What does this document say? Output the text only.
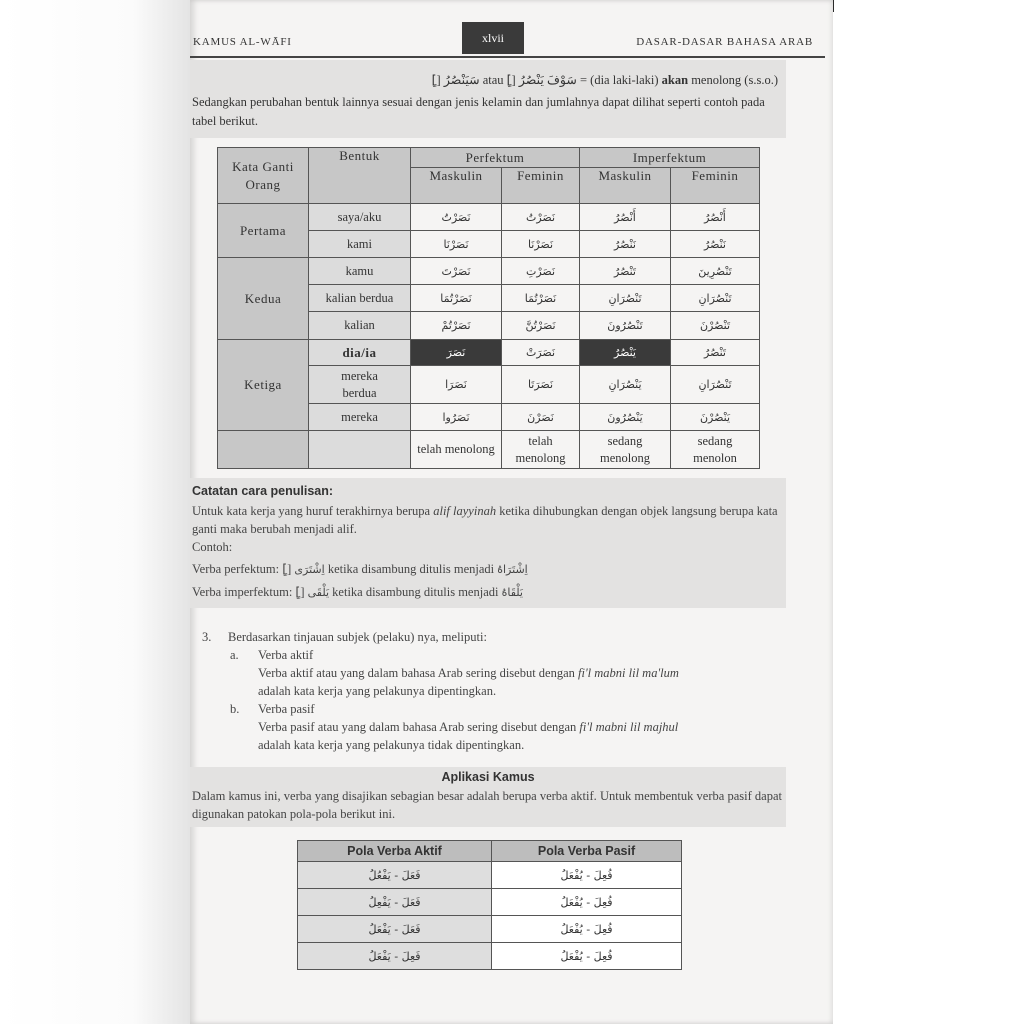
KAMUS AL-WĀFI	xlvii	DASAR-DASAR BAHASA ARAB
[ٍ] سَيَنْصُرُ atau [ٍ] سَوْفَ يَنْصُرُ = (dia laki-laki) akan menolong (s.s.o.)
Sedangkan perubahan bentuk lainnya sesuai dengan jenis kelamin dan jumlahnya dapat dilihat seperti contoh pada tabel berikut.
Kata Ganti Orang	Bentuk	Perfektum		Imperfektum	
		Maskulin	Feminin	Maskulin	Feminin
Pertama	saya/aku	نَصَرْتُ	نَصَرْتُ	أَنْصُرُ	أَنْصُرُ
	kami	نَصَرْنَا	نَصَرْنَا	نَنْصُرُ	نَنْصُرُ
Kedua	kamu	نَصَرْتَ	نَصَرْتِ	تَنْصُرُ	تَنْصُرِينَ
	kalian berdua	نَصَرْتُمَا	نَصَرْتُمَا	تَنْصُرَانِ	تَنْصُرَانِ
	kalian	نَصَرْتُمْ	نَصَرْتُنَّ	تَنْصُرُونَ	تَنْصُرْنَ
Ketiga	dia/ia	نَصَرَ	نَصَرَتْ	يَنْصُرُ	تَنْصُرُ
	mereka berdua	نَصَرَا	نَصَرَتَا	يَنْصُرَانِ	تَنْصُرَانِ
	mereka	نَصَرُوا	نَصَرْنَ	يَنْصُرُونَ	يَنْصُرْنَ
		telah menolong	telah menolong	sedang menolong	sedang menolon
Catatan cara penulisan:
Untuk kata kerja yang huruf terakhirnya berupa alif layyinah ketika dihubungkan dengan objek langsung berupa kata ganti maka berubah menjadi alif.
Contoh:
Verba perfektum: [ٍ] اِشْتَرَى ketika disambung ditulis menjadi اِشْتَرَاهُ
Verba imperfektum: [ٍ] يَلْقَى ketika disambung ditulis menjadi يَلْقَاهُ
3. Berdasarkan tinjauan subjek (pelaku) nya, meliputi:
a. Verba aktif
Verba aktif atau yang dalam bahasa Arab sering disebut dengan fi'l mabni lil ma'lum
adalah kata kerja yang pelakunya dipentingkan.
b. Verba pasif
Verba pasif atau yang dalam bahasa Arab sering disebut dengan fi'l mabni lil majhul
adalah kata kerja yang pelakunya tidak dipentingkan.
Aplikasi Kamus
Dalam kamus ini, verba yang disajikan sebagian besar adalah berupa verba aktif. Untuk membentuk verba pasif dapat digunakan patokan pola-pola berikut ini.
Pola Verba Aktif	Pola Verba Pasif
فَعَلَ - يَفْعُلُ	فُعِلَ - يُفْعَلُ
فَعَلَ - يَفْعِلُ	فُعِلَ - يُفْعَلُ
فَعَلَ - يَفْعَلُ	فُعِلَ - يُفْعَلُ
فَعِلَ - يَفْعَلُ	فُعِلَ - يُفْعَلُ
